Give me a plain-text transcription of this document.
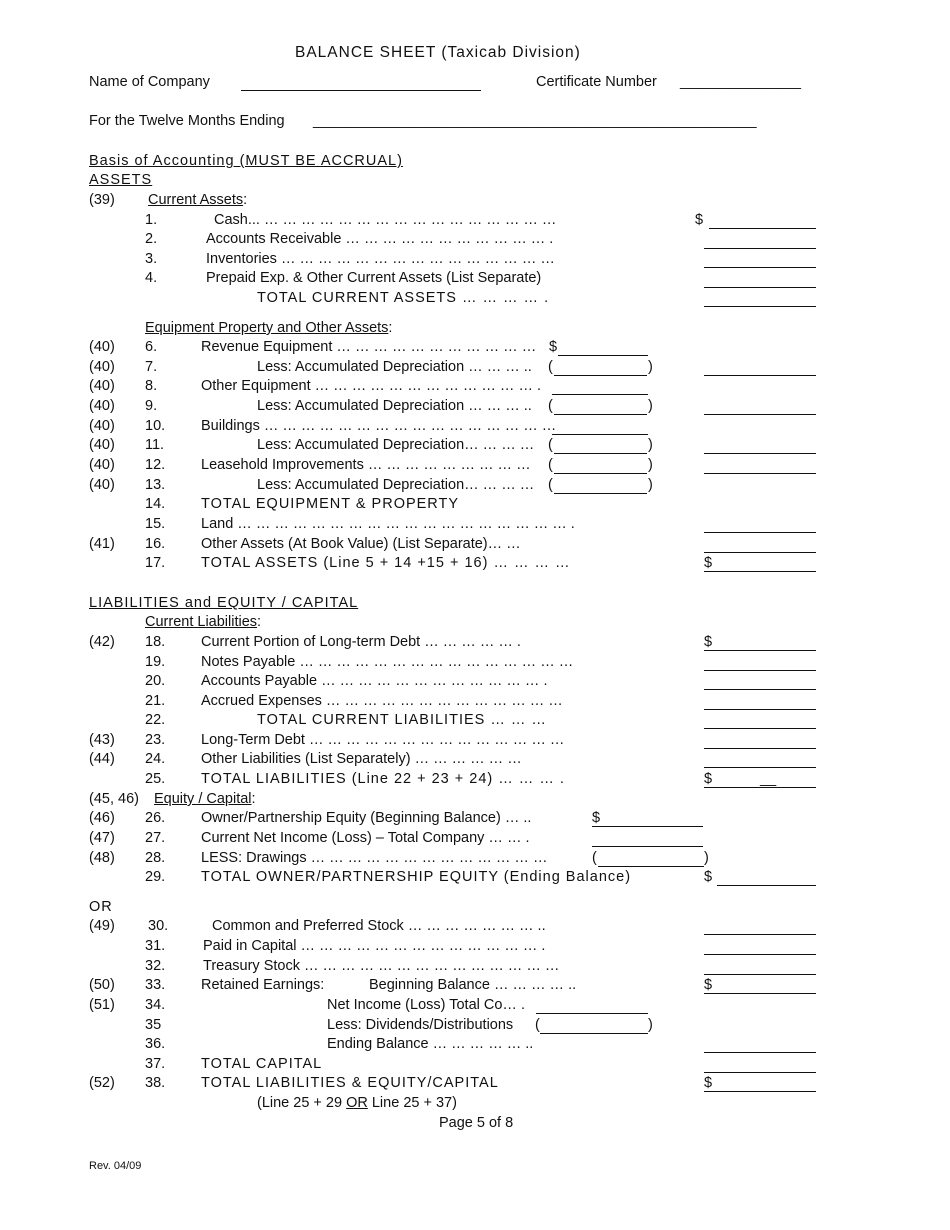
BALANCE SHEET (Taxicab Division)
Name of Company	Certificate Number _______________
For the Twelve Months Ending _______________________________________________________
Basis of Accounting (MUST BE ACCRUAL)
ASSETS
(39) Current Assets:
1.	Cash... … … … … … … … … … … … … … … … …	$
2.	Accounts Receivable … … … … … … … … … … … .
3.	Inventories … … … … … … … … … … … … … … …
4.	Prepaid Exp. & Other Current Assets (List Separate)
TOTAL CURRENT ASSETS … … … … .
Equipment Property and Other Assets:
(40) 6.	Revenue Equipment … … … … … … … … … … … $
(40) 7.	Less: Accumulated Depreciation … … … .. (	)
(40) 8.	Other Equipment … … … … … … … … … … … … .
(40) 9.	Less: Accumulated Depreciation … … … .. (	)
(40) 10. Buildings … … … … … … … … … … … … … … … …
(40) 11.	Less: Accumulated Depreciation… … … … (	)
(40) 12. Leasehold Improvements … … … … … … … … … (	)
(40) 13.	Less: Accumulated Depreciation… … … … (	)
14. TOTAL EQUIPMENT & PROPERTY
15. Land … … … … … … … … … … … … … … … … … … .
(41) 16. Other Assets (At Book Value) (List Separate)… …
17. TOTAL ASSETS (Line 5 + 14 +15 + 16) … … … …	$
LIABILITIES and EQUITY / CAPITAL
Current Liabilities:
(42) 18. Current Portion of Long-term Debt … … … … … .	$
19. Notes Payable … … … … … … … … … … … … … … …
20. Accounts Payable … … … … … … … … … … … … .
21. Accrued Expenses … … … … … … … … … … … … …
22.	TOTAL CURRENT LIABILITIES … … …
(43) 23. Long-Term Debt … … … … … … … … … … … … … …
(44) 24. Other Liabilities (List Separately) … … … … … …
25. TOTAL LIABILITIES (Line 22 + 23 + 24) … … … .	$	__
(45, 46) Equity / Capital:
(46) 26. Owner/Partnership Equity (Beginning Balance) … ..	$
(47) 27. Current Net Income (Loss) – Total Company … … .
(48) 28. LESS: Drawings … … … … … … … … … … … … …	(	)
29. TOTAL OWNER/PARTNERSHIP EQUITY (Ending Balance)	$
OR
(49) 30.	Common and Preferred Stock … … … … … … … ..
31.	Paid in Capital … … … … … … … … … … … … … .
32.	Treasury Stock … … … … … … … … … … … … … …
(50) 33. Retained Earnings:	Beginning Balance … … … … ..	$
(51) 34.	Net Income (Loss) Total Co… .
35	Less: Dividends/Distributions (	)
36.	Ending Balance … … … … … ..
37. TOTAL CAPITAL
(52) 38. TOTAL LIABILITIES & EQUITY/CAPITAL	$
(Line 25 + 29 OR Line 25 + 37)
Page 5 of 8
Rev. 04/09
